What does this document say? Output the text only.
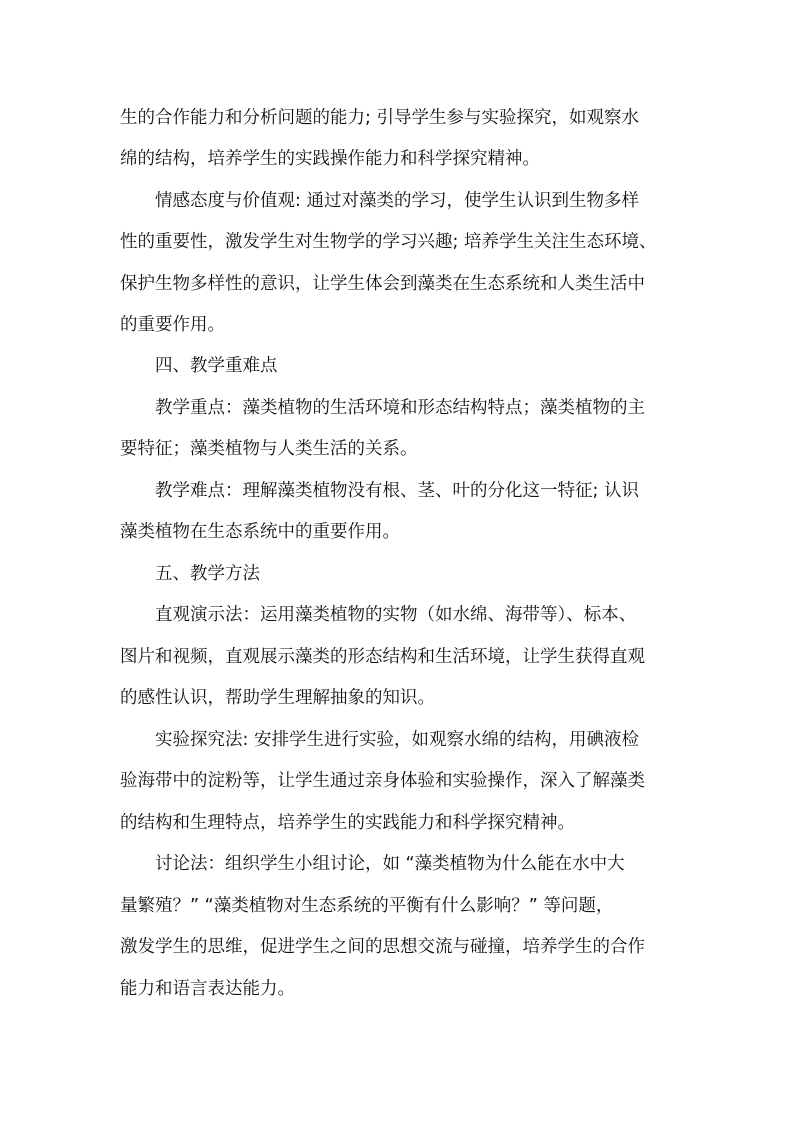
生的合作能力和分析问题的能力; 引导学生参与实验探究，如观察水
绵的结构，培养学生的实践操作能力和科学探究精神。
情感态度与价值观: 通过对藻类的学习，使学生认识到生物多样
性的重要性，激发学生对生物学的学习兴趣; 培养学生关注生态环境、
保护生物多样性的意识，让学生体会到藻类在生态系统和人类生活中
的重要作用。
四、教学重难点
教学重点：藻类植物的生活环境和形态结构特点；藻类植物的主
要特征；藻类植物与人类生活的关系。
教学难点：理解藻类植物没有根、茎、叶的分化这一特征; 认识
藻类植物在生态系统中的重要作用。
五、教学方法
直观演示法：运用藻类植物的实物（如水绵、海带等）、标本、
图片和视频，直观展示藻类的形态结构和生活环境，让学生获得直观
的感性认识，帮助学生理解抽象的知识。
实验探究法: 安排学生进行实验，如观察水绵的结构，用碘液检
验海带中的淀粉等，让学生通过亲身体验和实验操作，深入了解藻类
的结构和生理特点，培养学生的实践能力和科学探究精神。
讨论法：组织学生小组讨论，如 “藻类植物为什么能在水中大
量繁殖？” “藻类植物对生态系统的平衡有什么影响？” 等问题，
激发学生的思维，促进学生之间的思想交流与碰撞，培养学生的合作
能力和语言表达能力。
